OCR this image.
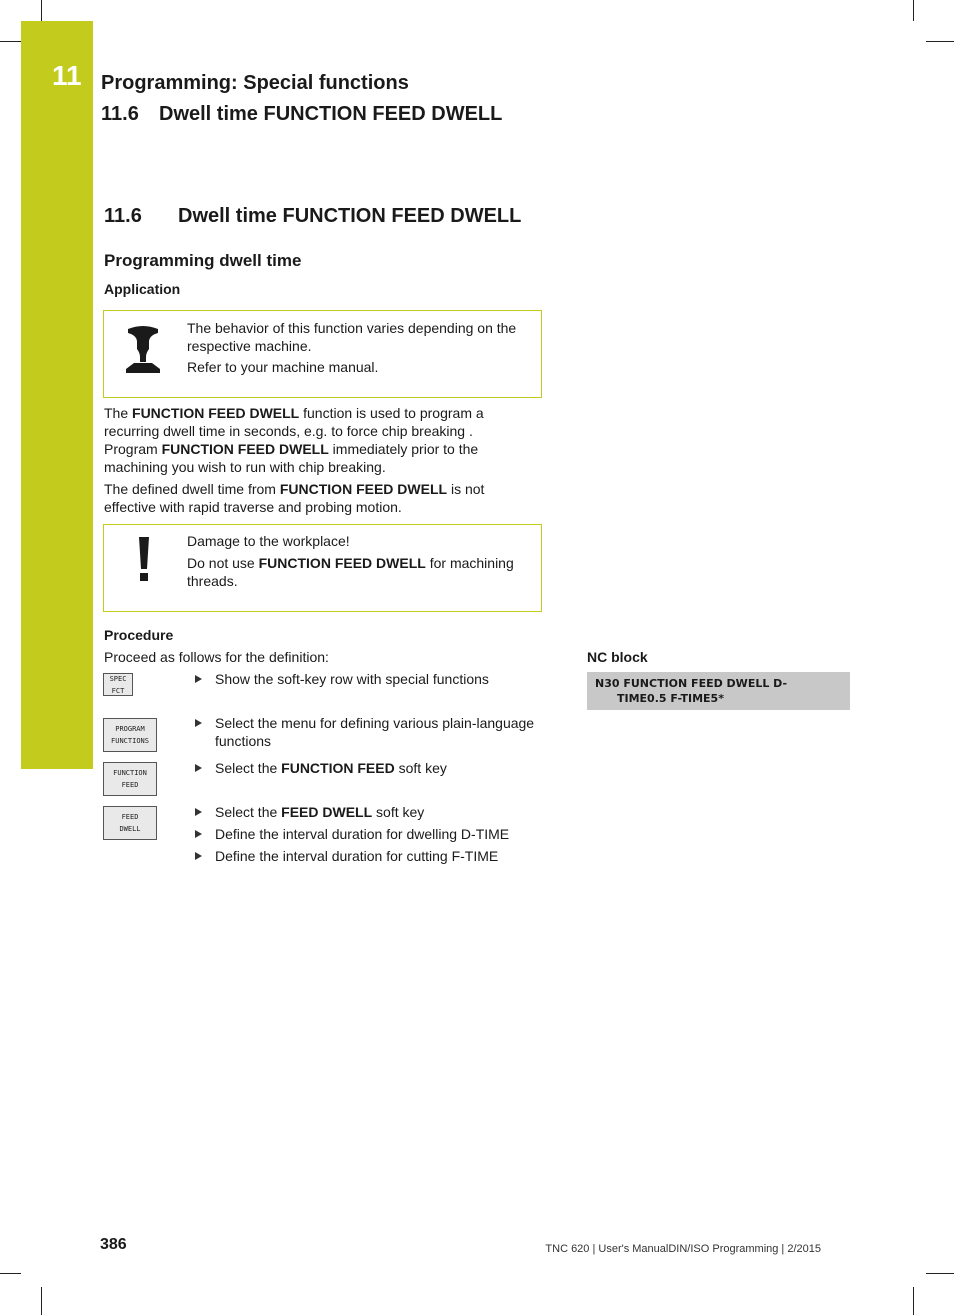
11 Programming: Special functions
11.6 Dwell time FUNCTION FEED DWELL
11.6 Dwell time FUNCTION FEED DWELL
Programming dwell time
Application

The behavior of this function varies depending on the respective machine.

Refer to your machine manual.

The FUNCTION FEED DWELL function is used to program a recurring dwell time in seconds, e.g. to force chip breaking . Program FUNCTION FEED DWELL immediately prior to the machining you wish to run with chip breaking.

The defined dwell time from FUNCTION FEED DWELL is not effective with rapid traverse and probing motion.

Damage to the workplace!

Do not use FUNCTION FEED DWELL for machining threads.

Procedure

Proceed as follows for the definition:

SPEC
FCT
PROGRAM
FUNCTIONS
FUNCTION
FEED
FEED
DWELL
Show the soft-key row with special functions
Select the menu for defining various plain-language functions
Select the FUNCTION FEED soft key
Select the FEED DWELL soft key
Define the interval duration for dwelling D-TIME
Define the interval duration for cutting F-TIME
NC block
N30 FUNCTION FEED DWELL D-
TIME0.5 F-TIME5*
386	TNC 620 | User's ManualDIN/ISO Programming | 2/2015
